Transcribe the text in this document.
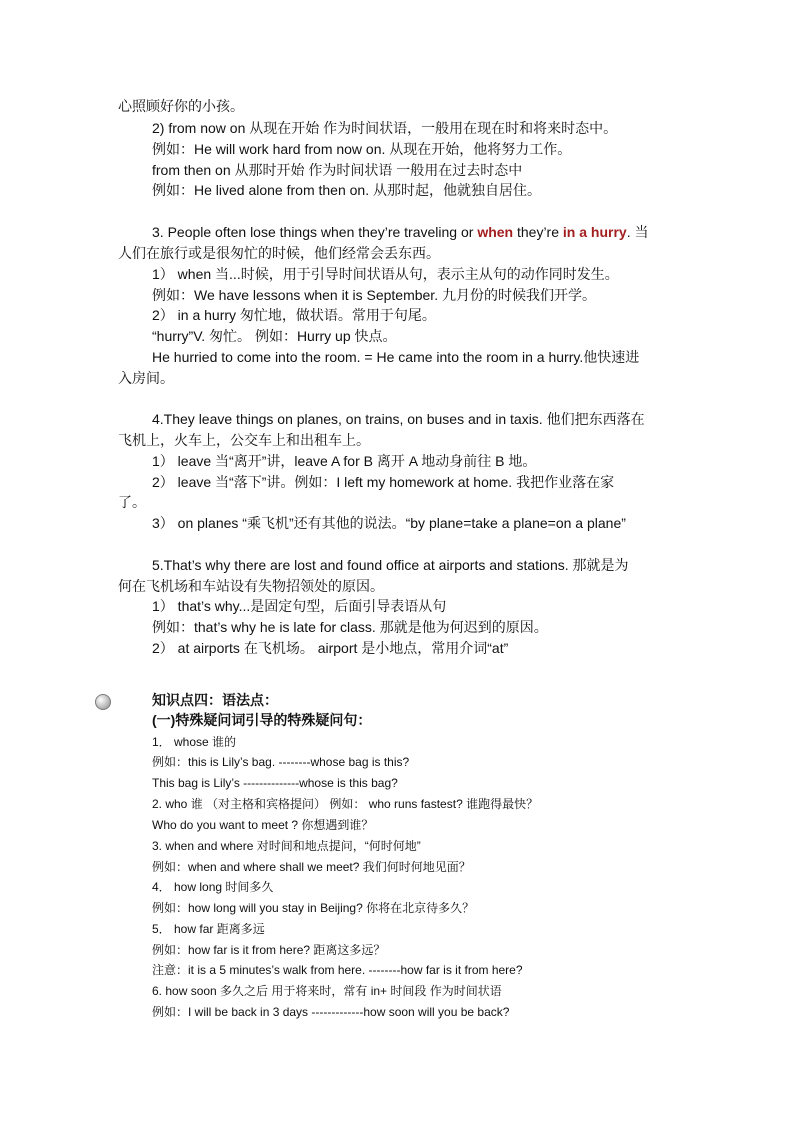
心照顾好你的小孩。
2) from now on 从现在开始 作为时间状语，一般用在现在时和将来时态中。
例如：He will work hard from now on. 从现在开始，他将努力工作。
from then on 从那时开始 作为时间状语 一般用在过去时态中
例如：He lived alone from then on. 从那时起，他就独自居住。
3. People often lose things when they’re traveling or when they’re in a hurry. 当
人们在旅行或是很匆忙的时候，他们经常会丢东西。
1） when 当...时候，用于引导时间状语从句，表示主从句的动作同时发生。
例如：We have lessons when it is September. 九月份的时候我们开学。
2） in a hurry 匆忙地，做状语。常用于句尾。
“hurry”V. 匆忙。 例如：Hurry up 快点。
He hurried to come into the room. = He came into the room in a hurry.他快速进
入房间。
4.They leave things on planes, on trains, on buses and in taxis. 他们把东西落在
飞机上，火车上，公交车上和出租车上。
1） leave 当“离开”讲，leave A for B 离开 A 地动身前往 B 地。
2） leave 当“落下”讲。例如：I left my homework at home. 我把作业落在家
了。
3） on planes “乘飞机”还有其他的说法。“by plane=take a plane=on a plane”
5.That’s why there are lost and found office at airports and stations. 那就是为
何在飞机场和车站设有失物招领处的原因。
1） that’s why...是固定句型，后面引导表语从句
例如：that’s why he is late for class. 那就是他为何迟到的原因。
2） at airports 在飞机场。 airport 是小地点，常用介词“at”
知识点四：语法点：
(一)特殊疑问词引导的特殊疑问句：
1． whose 谁的
例如：this is Lily’s bag. --------whose bag is this?
This bag is Lily’s --------------whose is this bag?
2. who 谁 （对主格和宾格提问） 例如： who runs fastest? 谁跑得最快？
Who do you want to meet ? 你想遇到谁？
3. when and where 对时间和地点提问，“何时何地”
例如：when and where shall we meet? 我们何时何地见面？
4． how long 时间多久
例如：how long will you stay in Beijing? 你将在北京待多久？
5． how far 距离多远
例如：how far is it from here? 距离这多远？
注意：it is a 5 minutes’s walk from here. --------how far is it from here?
6. how soon 多久之后 用于将来时，常有 in+ 时间段 作为时间状语
例如：I will be back in 3 days -------------how soon will you be back?
